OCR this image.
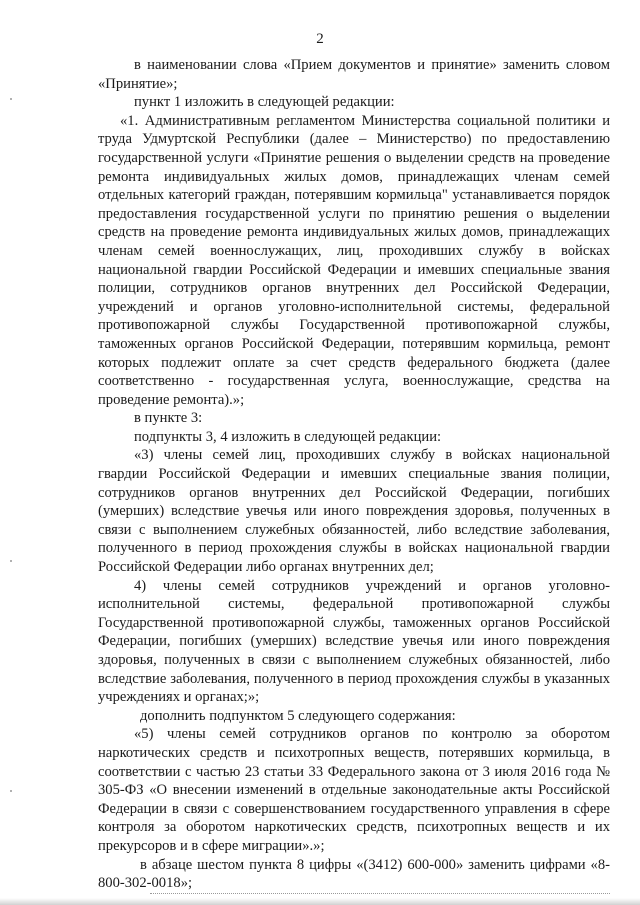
2

в наименовании слова «Прием документов и принятие» заменить словом «Принятие»;

пункт 1 изложить в следующей редакции:

«1. Административным регламентом Министерства социальной политики и труда Удмуртской Республики (далее – Министерство) по предоставлению государственной услуги «Принятие решения о выделении средств на проведение ремонта индивидуальных жилых домов, принадлежащих членам семей отдельных категорий граждан, потерявшим кормильца" устанавливается порядок предоставления государственной услуги по принятию решения о выделении средств на проведение ремонта индивидуальных жилых домов, принадлежащих членам семей военнослужащих, лиц, проходивших службу в войсках национальной гвардии Российской Федерации и имевших специальные звания полиции, сотрудников органов внутренних дел Российской Федерации, учреждений и органов уголовно-исполнительной системы, федеральной противопожарной службы Государственной противопожарной службы, таможенных органов Российской Федерации, потерявшим кормильца, ремонт которых подлежит оплате за счет средств федерального бюджета (далее соответственно - государственная услуга, военнослужащие, средства на проведение ремонта).»;

в пункте 3:

подпункты 3, 4 изложить в следующей редакции:

«3) члены семей лиц, проходивших службу в войсках национальной гвардии Российской Федерации и имевших специальные звания полиции, сотрудников органов внутренних дел Российской Федерации, погибших (умерших) вследствие увечья или иного повреждения здоровья, полученных в связи с выполнением служебных обязанностей, либо вследствие заболевания, полученного в период прохождения службы в войсках национальной гвардии Российской Федерации либо органах внутренних дел;

4) члены семей сотрудников учреждений и органов уголовно-исполнительной системы, федеральной противопожарной службы Государственной противопожарной службы, таможенных органов Российской Федерации, погибших (умерших) вследствие увечья или иного повреждения здоровья, полученных в связи с выполнением служебных обязанностей, либо вследствие заболевания, полученного в период прохождения службы в указанных учреждениях и органах;»;

дополнить подпунктом 5 следующего содержания:

«5) члены семей сотрудников органов по контролю за оборотом наркотических средств и психотропных веществ, потерявших кормильца, в соответствии с частью 23 статьи 33 Федерального закона от 3 июля 2016 года № 305-ФЗ «О внесении изменений в отдельные законодательные акты Российской Федерации в связи с совершенствованием государственного управления в сфере контроля за оборотом наркотических средств, психотропных веществ и их прекурсоров и в сфере миграции».»;

в абзаце шестом пункта 8 цифры «(3412) 600-000» заменить цифрами «8-800-302-0018»;
